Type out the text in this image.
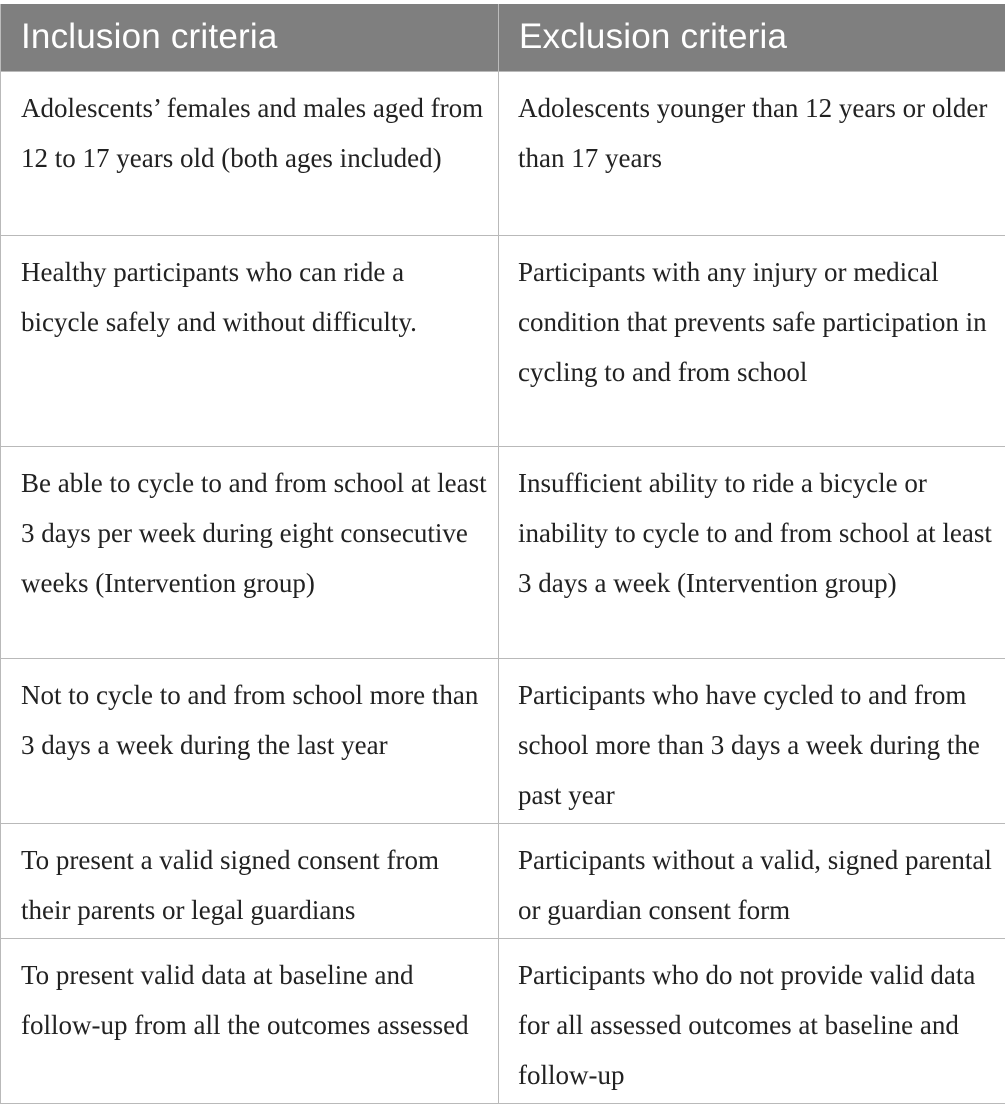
Inclusion criteria	Exclusion criteria
Adolescents’ females and males aged from 12 to 17 years old (both ages included)	Adolescents younger than 12 years or older than 17 years
Healthy participants who can ride a bicycle safely and without difficulty.	Participants with any injury or medical condition that prevents safe participation in cycling to and from school
Be able to cycle to and from school at least 3 days per week during eight consecutive weeks (Intervention group)	Insufficient ability to ride a bicycle or inability to cycle to and from school at least 3 days a week (Intervention group)
Not to cycle to and from school more than 3 days a week during the last year	Participants who have cycled to and from school more than 3 days a week during the past year
To present a valid signed consent from their parents or legal guardians	Participants without a valid, signed parental or guardian consent form
To present valid data at baseline and follow-up from all the outcomes assessed	Participants who do not provide valid data for all assessed outcomes at baseline and follow-up
